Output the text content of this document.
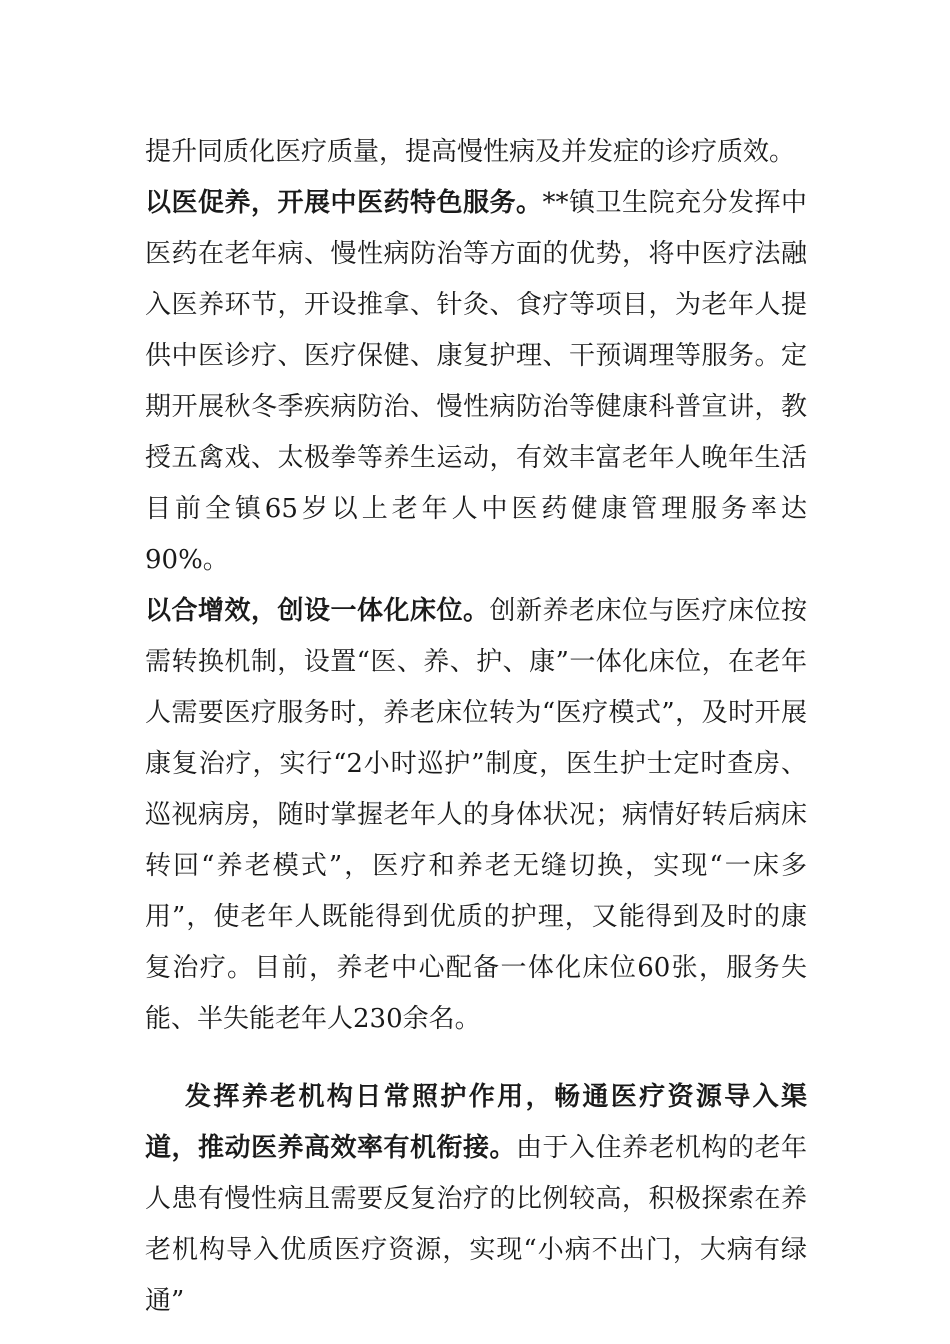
提升同质化医疗质量，提高慢性病及并发症的诊疗质效。

以医促养，开展中医药特色服务。**镇卫生院充分发挥中医药在老年病、慢性病防治等方面的优势，将中医疗法融入医养环节，开设推拿、针灸、食疗等项目，为老年人提供中医诊疗、医疗保健、康复护理、干预调理等服务。定期开展秋冬季疾病防治、慢性病防治等健康科普宣讲，教授五禽戏、太极拳等养生运动，有效丰富老年人晚年生活目前全镇65岁以上老年人中医药健康管理服务率达90%。

以合增效，创设一体化床位。创新养老床位与医疗床位按需转换机制，设置“医、养、护、康”一体化床位，在老年人需要医疗服务时，养老床位转为“医疗模式”，及时开展康复治疗，实行“2小时巡护”制度，医生护士定时查房、巡视病房，随时掌握老年人的身体状况；病情好转后病床转回“养老模式”，医疗和养老无缝切换，实现“一床多用”，使老年人既能得到优质的护理，又能得到及时的康复治疗。目前，养老中心配备一体化床位60张，服务失能、半失能老年人230余名。

发挥养老机构日常照护作用，畅通医疗资源导入渠道，推动医养高效率有机衔接。由于入住养老机构的老年人患有慢性病且需要反复治疗的比例较高，积极探索在养老机构导入优质医疗资源，实现“小病不出门，大病有绿通”
